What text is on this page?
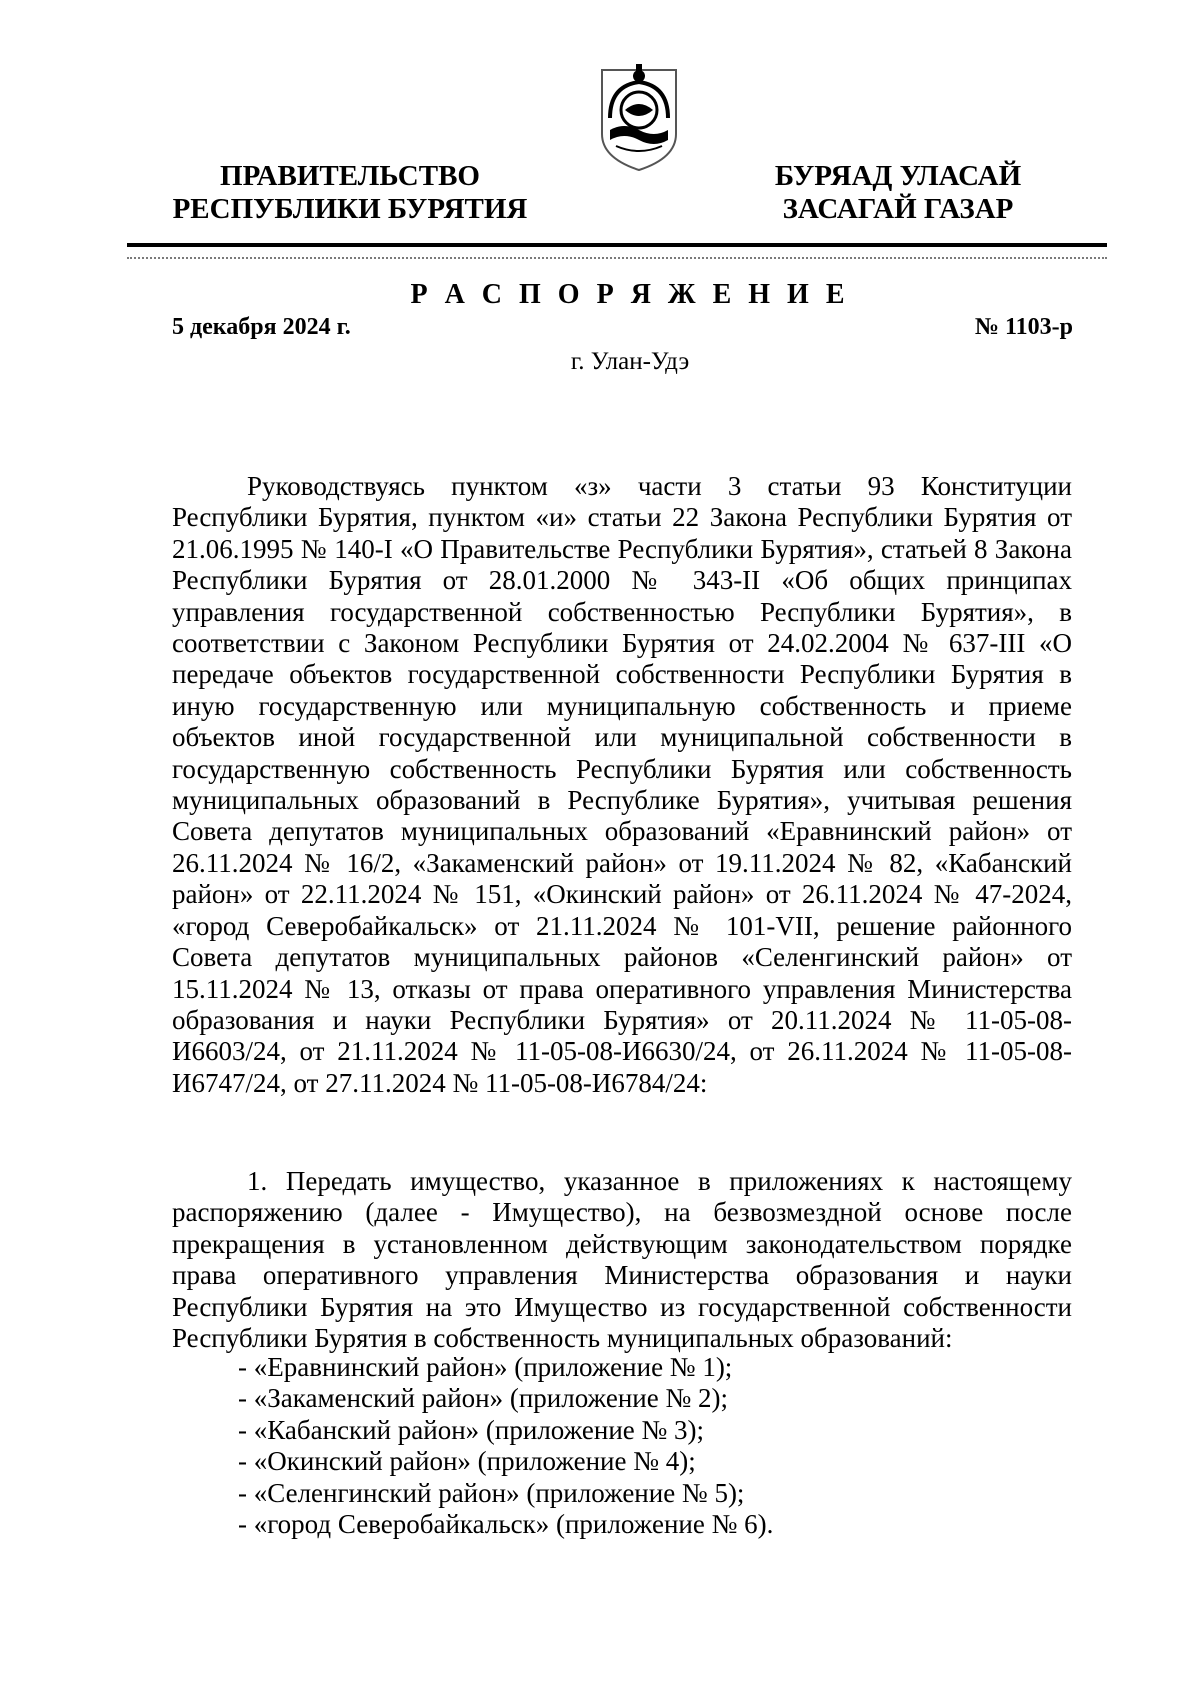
ПРАВИТЕЛЬСТВО
РЕСПУБЛИКИ БУРЯТИЯ
БУРЯАД УЛАСАЙ
ЗАСАГАЙ ГАЗАР
Р А С П О Р Я Ж Е Н И Е
5 декабря 2024 г.	№ 1103-р
г. Улан-Удэ

Руководствуясь пунктом «з» части 3 статьи 93 Конституции Республики Бурятия, пунктом «и» статьи 22 Закона Республики Бурятия от 21.06.1995 № 140-I «О Правительстве Республики Бурятия», статьей 8 Закона Республики Бурятия от 28.01.2000 № 343-II «Об общих принципах управления государственной собственностью Республики Бурятия», в соответствии с Законом Республики Бурятия от 24.02.2004 № 637-III «О передаче объектов государственной собственности Республики Бурятия в иную государственную или муниципальную собственность и приеме объектов иной государственной или муниципальной собственности в государственную собственность Республики Бурятия или собственность муниципальных образований в Республике Бурятия», учитывая решения Совета депутатов муниципальных образований «Еравнинский район» от 26.11.2024 № 16/2, «Закаменский район» от 19.11.2024 № 82, «Кабанский район» от 22.11.2024 № 151, «Окинский район» от 26.11.2024 № 47-2024, «город Северобайкальск» от 21.11.2024 № 101-VII, решение районного Совета депутатов муниципальных районов «Селенгинский район» от 15.11.2024 № 13, отказы от права оперативного управления Министерства образования и науки Республики Бурятия» от 20.11.2024 № 11-05-08-И6603/24, от 21.11.2024 № 11-05-08-И6630/24, от 26.11.2024 № 11-05-08-И6747/24, от 27.11.2024 № 11-05-08-И6784/24:

1. Передать имущество, указанное в приложениях к настоящему распоряжению (далее - Имущество), на безвозмездной основе после прекращения в установленном действующим законодательством порядке права оперативного управления Министерства образования и науки Республики Бурятия на это Имущество из государственной собственности Республики Бурятия в собственность муниципальных образований:

- «Еравнинский район» (приложение № 1);
- «Закаменский район» (приложение № 2);
- «Кабанский район» (приложение № 3);
- «Окинский район» (приложение № 4);
- «Селенгинский район» (приложение № 5);
- «город Северобайкальск» (приложение № 6).
